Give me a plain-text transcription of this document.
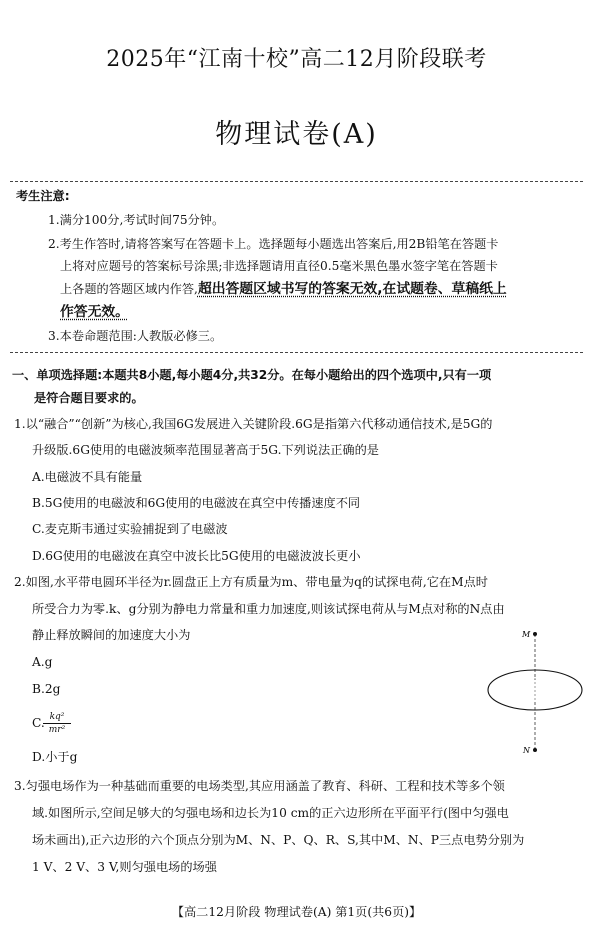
2025年“江南十校”高二12月阶段联考
物理试卷(A)
考生注意:
1.满分100分,考试时间75分钟。
2.考生作答时,请将答案写在答题卡上。选择题每小题选出答案后,用2B铅笔在答题卡
上将对应题号的答案标号涂黑;非选择题请用直径0.5毫米黑色墨水签字笔在答题卡
上各题的答题区域内作答,超出答题区域书写的答案无效,在试题卷、草稿纸上
作答无效。
3.本卷命题范围:人教版必修三。
一、单项选择题:本题共8小题,每小题4分,共32分。在每小题给出的四个选项中,只有一项
是符合题目要求的。
1.以“融合”“创新”为核心,我国6G发展进入关键阶段.6G是指第六代移动通信技术,是5G的
升级版.6G使用的电磁波频率范围显著高于5G.下列说法正确的是
A.电磁波不具有能量
B.5G使用的电磁波和6G使用的电磁波在真空中传播速度不同
C.麦克斯韦通过实验捕捉到了电磁波
D.6G使用的电磁波在真空中波长比5G使用的电磁波波长更小
2.如图,水平带电圆环半径为r.圆盘正上方有质量为m、带电量为q的试探电荷,它在M点时
所受合力为零.k、g分别为静电力常量和重力加速度,则该试探电荷从与M点对称的N点由
静止释放瞬间的加速度大小为
A.g
B.2g
C.
$\frac{\text{kq²}}{\text{mr²}}$
D.小于g
M
N
3.匀强电场作为一种基础而重要的电场类型,其应用涵盖了教育、科研、工程和技术等多个领
域.如图所示,空间足够大的匀强电场和边长为10 cm的正六边形所在平面平行(图中匀强电
场未画出),正六边形的六个顶点分别为M、N、P、Q、R、S,其中M、N、P三点电势分别为
1 V、2 V、3 V,则匀强电场的场强
【高二12月阶段 物理试卷(A) 第1页(共6页)】
